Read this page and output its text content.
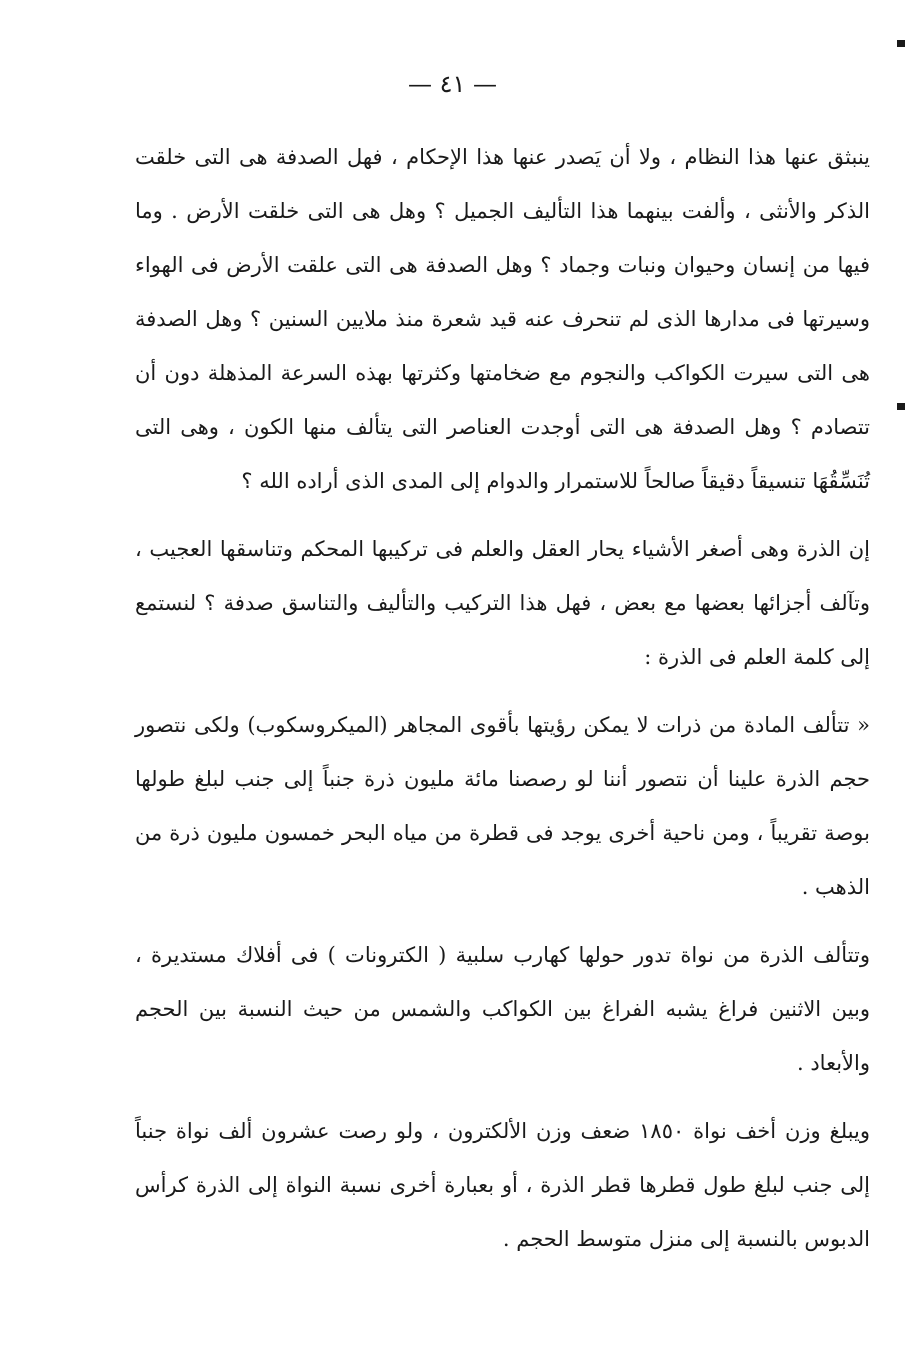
— ٤١ —

ينبثق عنها هذا النظام ، ولا أن يَصدر عنها هذا الإحكام ، فهل الصدفة هى التى خلقت الذكر والأنثى ، وألفت بينهما هذا التأليف الجميل ؟ وهل هى التى خلقت الأرض . وما فيها من إنسان وحيوان ونبات وجماد ؟ وهل الصدفة هى التى علقت الأرض فى الهواء وسيرتها فى مدارها الذى لم تنحرف عنه قيد شعرة منذ ملايين السنين ؟ وهل الصدفة هى التى سيرت الكواكب والنجوم مع ضخامتها وكثرتها بهذه السرعة المذهلة دون أن تتصادم ؟ وهل الصدفة هى التى أوجدت العناصر التى يتألف منها الكون ، وهى التى تُنَسِّقُهَا تنسيقاً دقيقاً صالحاً للاستمرار والدوام إلى المدى الذى أراده الله ؟

إن الذرة وهى أصغر الأشياء يحار العقل والعلم فى تركيبها المحكم وتناسقها العجيب ، وتآلف أجزائها بعضها مع بعض ، فهل هذا التركيب والتأليف والتناسق صدفة ؟ لنستمع إلى كلمة العلم فى الذرة :

« تتألف المادة من ذرات لا يمكن رؤيتها بأقوى المجاهر (الميكروسكوب) ولكى نتصور حجم الذرة علينا أن نتصور أننا لو رصصنا مائة مليون ذرة جنباً إلى جنب لبلغ طولها بوصة تقريباً ، ومن ناحية أخرى يوجد فى قطرة من مياه البحر خمسون مليون ذرة من الذهب .

وتتألف الذرة من نواة تدور حولها كهارب سلبية ( الكترونات ) فى أفلاك مستديرة ، وبين الاثنين فراغ يشبه الفراغ بين الكواكب والشمس من حيث النسبة بين الحجم والأبعاد .

ويبلغ وزن أخف نواة ١٨٥٠ ضعف وزن الألكترون ، ولو رصت عشرون ألف نواة جنباً إلى جنب لبلغ طول قطرها قطر الذرة ، أو بعبارة أخرى نسبة النواة إلى الذرة كرأس الدبوس بالنسبة إلى منزل متوسط الحجم .
